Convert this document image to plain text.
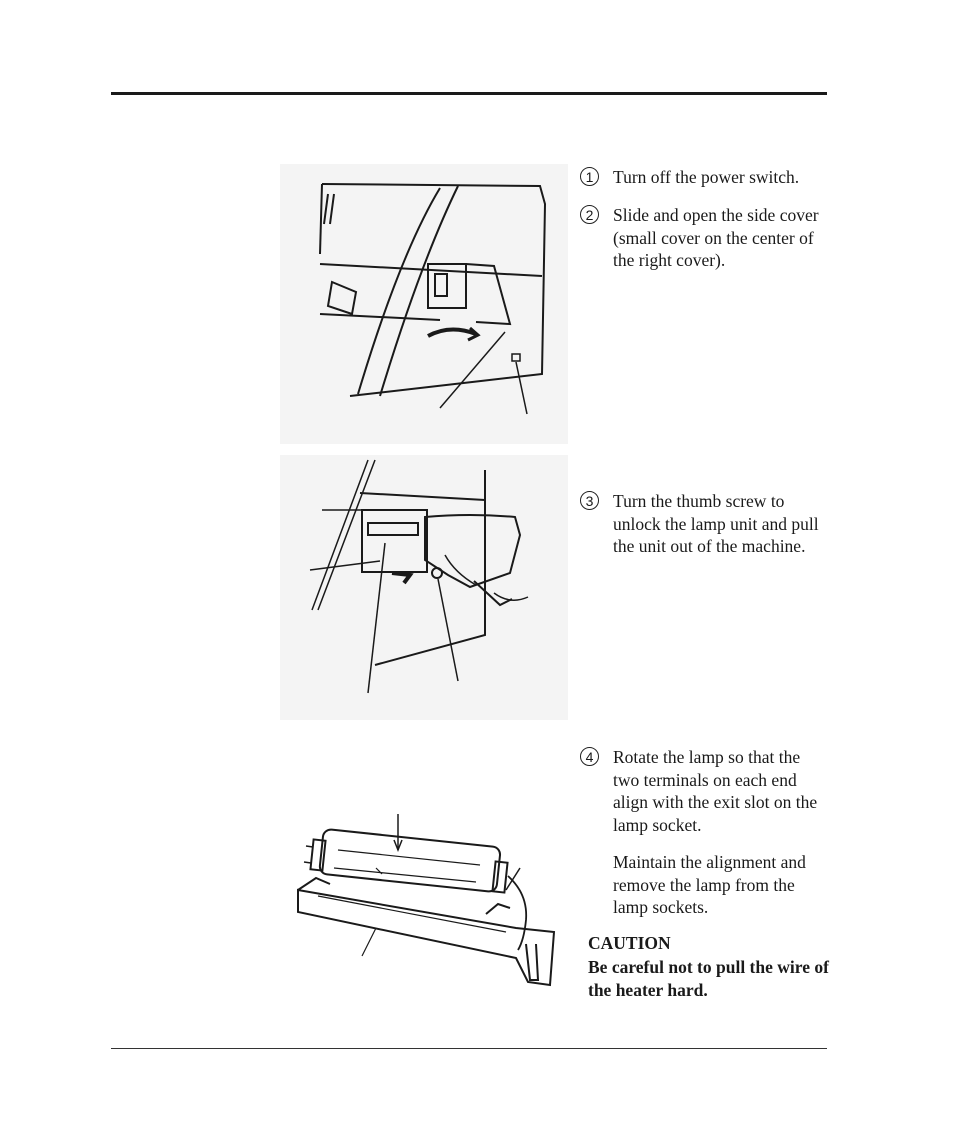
1	Turn off the power switch.
2	Slide and open the side cover (small cover on the center of the right cover).
3	Turn the thumb screw to unlock the lamp unit and pull the unit out of the machine.
4	Rotate the lamp so that the two terminals on each end align with the exit slot on the lamp socket.
Maintain the alignment and remove the lamp from the lamp sockets.
CAUTION
Be careful not to pull the wire of the heater hard.
